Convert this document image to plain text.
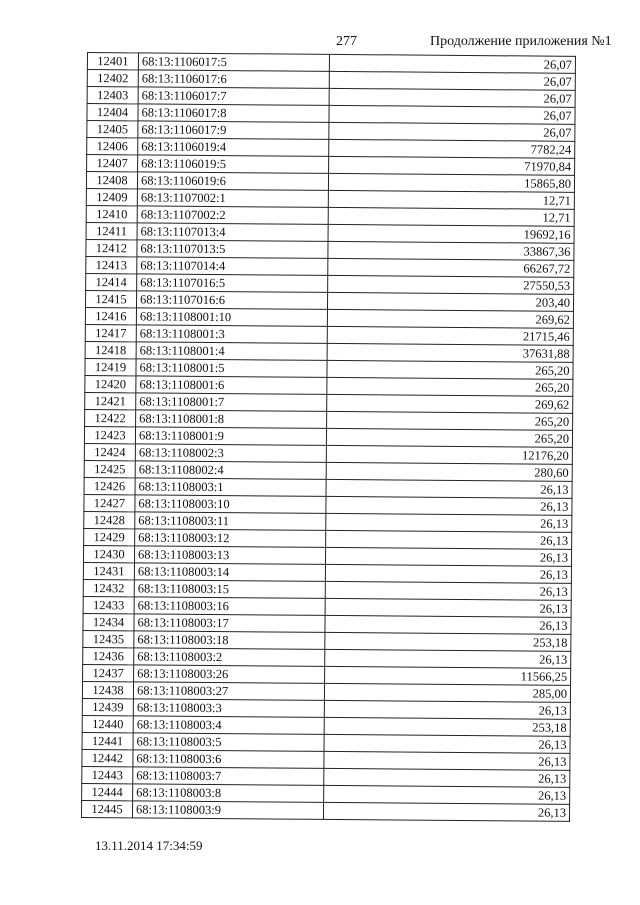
277	Продолжение приложения №1
12401	68:13:1106017:5	26,07
12402	68:13:1106017:6	26,07
12403	68:13:1106017:7	26,07
12404	68:13:1106017:8	26,07
12405	68:13:1106017:9	26,07
12406	68:13:1106019:4	7782,24
12407	68:13:1106019:5	71970,84
12408	68:13:1106019:6	15865,80
12409	68:13:1107002:1	12,71
12410	68:13:1107002:2	12,71
12411	68:13:1107013:4	19692,16
12412	68:13:1107013:5	33867,36
12413	68:13:1107014:4	66267,72
12414	68:13:1107016:5	27550,53
12415	68:13:1107016:6	203,40
12416	68:13:1108001:10	269,62
12417	68:13:1108001:3	21715,46
12418	68:13:1108001:4	37631,88
12419	68:13:1108001:5	265,20
12420	68:13:1108001:6	265,20
12421	68:13:1108001:7	269,62
12422	68:13:1108001:8	265,20
12423	68:13:1108001:9	265,20
12424	68:13:1108002:3	12176,20
12425	68:13:1108002:4	280,60
12426	68:13:1108003:1	26,13
12427	68:13:1108003:10	26,13
12428	68:13:1108003:11	26,13
12429	68:13:1108003:12	26,13
12430	68:13:1108003:13	26,13
12431	68:13:1108003:14	26,13
12432	68:13:1108003:15	26,13
12433	68:13:1108003:16	26,13
12434	68:13:1108003:17	26,13
12435	68:13:1108003:18	253,18
12436	68:13:1108003:2	26,13
12437	68:13:1108003:26	11566,25
12438	68:13:1108003:27	285,00
12439	68:13:1108003:3	26,13
12440	68:13:1108003:4	253,18
12441	68:13:1108003:5	26,13
12442	68:13:1108003:6	26,13
12443	68:13:1108003:7	26,13
12444	68:13:1108003:8	26,13
12445	68:13:1108003:9	26,13
13.11.2014 17:34:59
